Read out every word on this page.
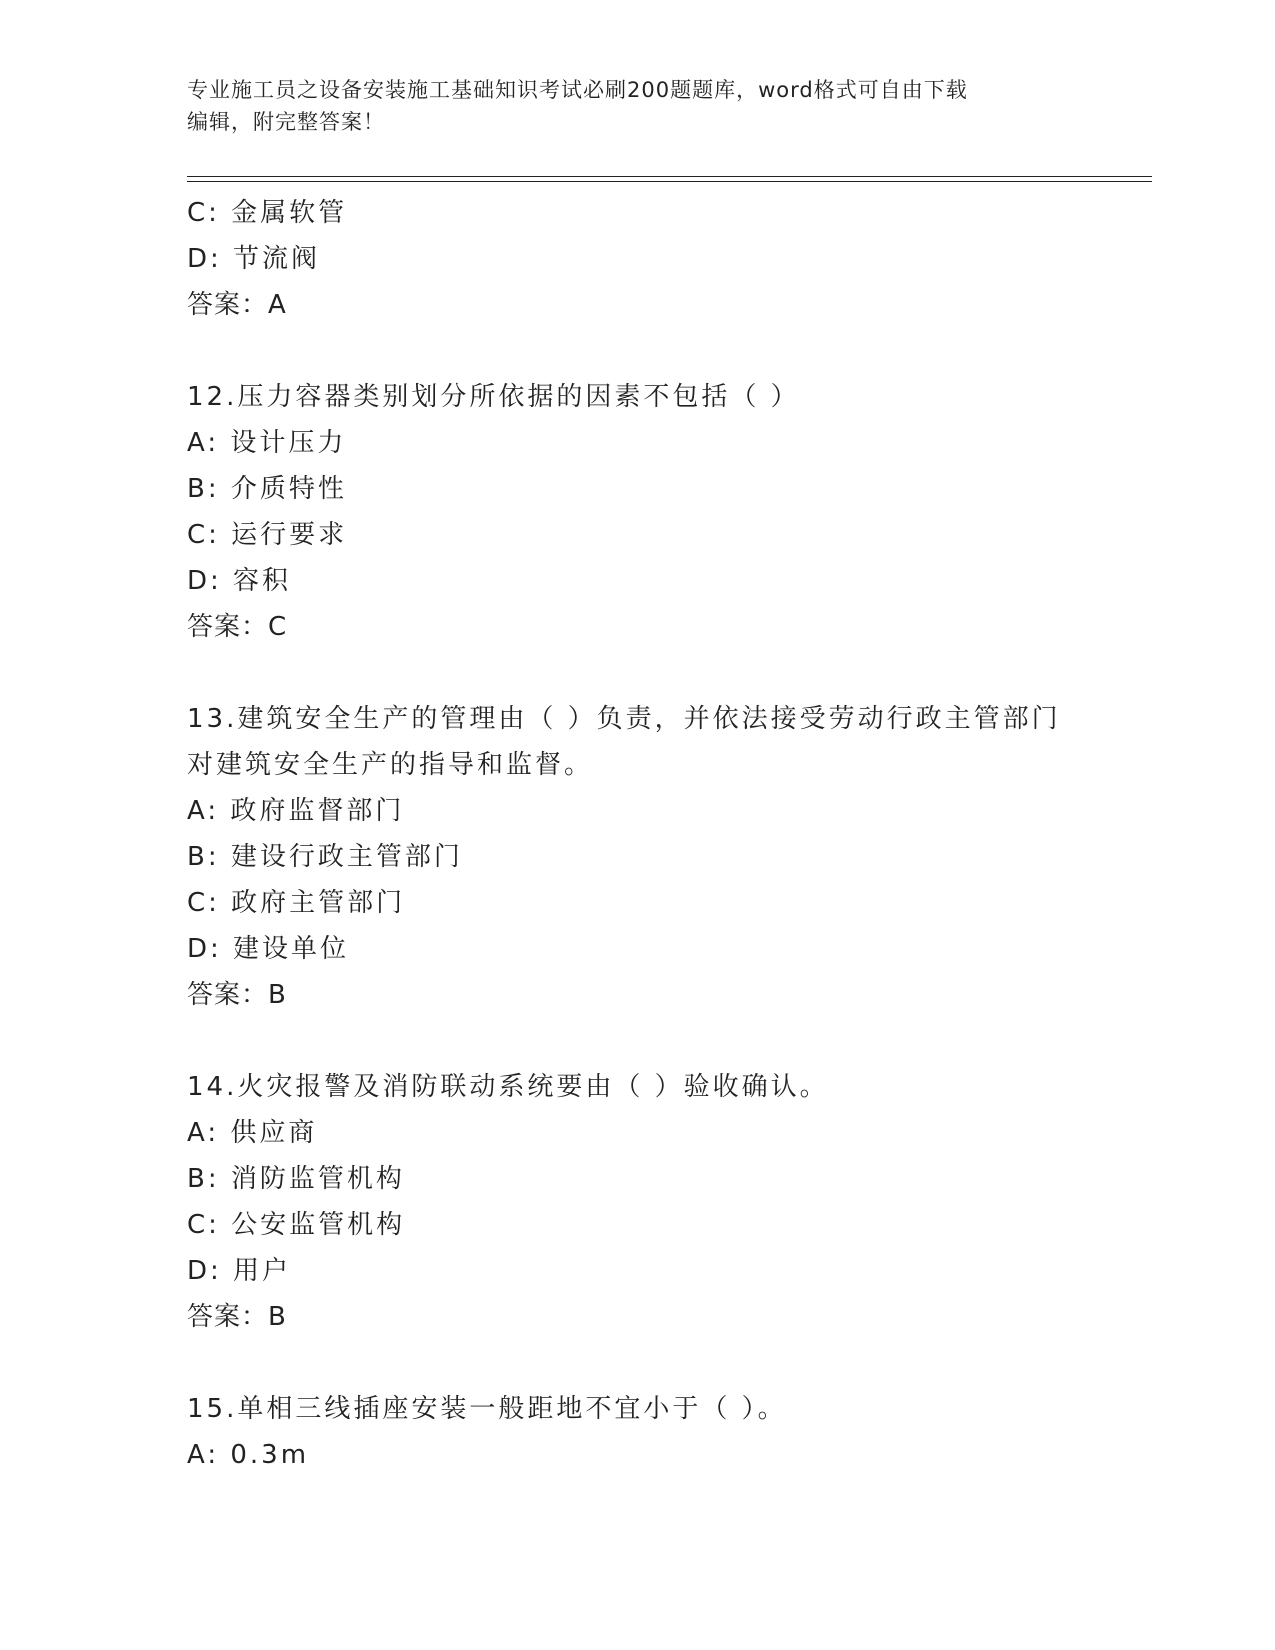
专业施工员之设备安装施工基础知识考试必刷200题题库，word格式可自由下载
编辑，附完整答案！
C: 金属软管
D: 节流阀
答案：A
12.压力容器类别划分所依据的因素不包括（ ）
A: 设计压力
B: 介质特性
C: 运行要求
D: 容积
答案：C
13.建筑安全生产的管理由（ ）负责，并依法接受劳动行政主管部门
对建筑安全生产的指导和监督。
A: 政府监督部门
B: 建设行政主管部门
C: 政府主管部门
D: 建设单位
答案：B
14.火灾报警及消防联动系统要由（ ）验收确认。
A: 供应商
B: 消防监管机构
C: 公安监管机构
D: 用户
答案：B
15.单相三线插座安装一般距地不宜小于（ ）。
A: 0.3m
